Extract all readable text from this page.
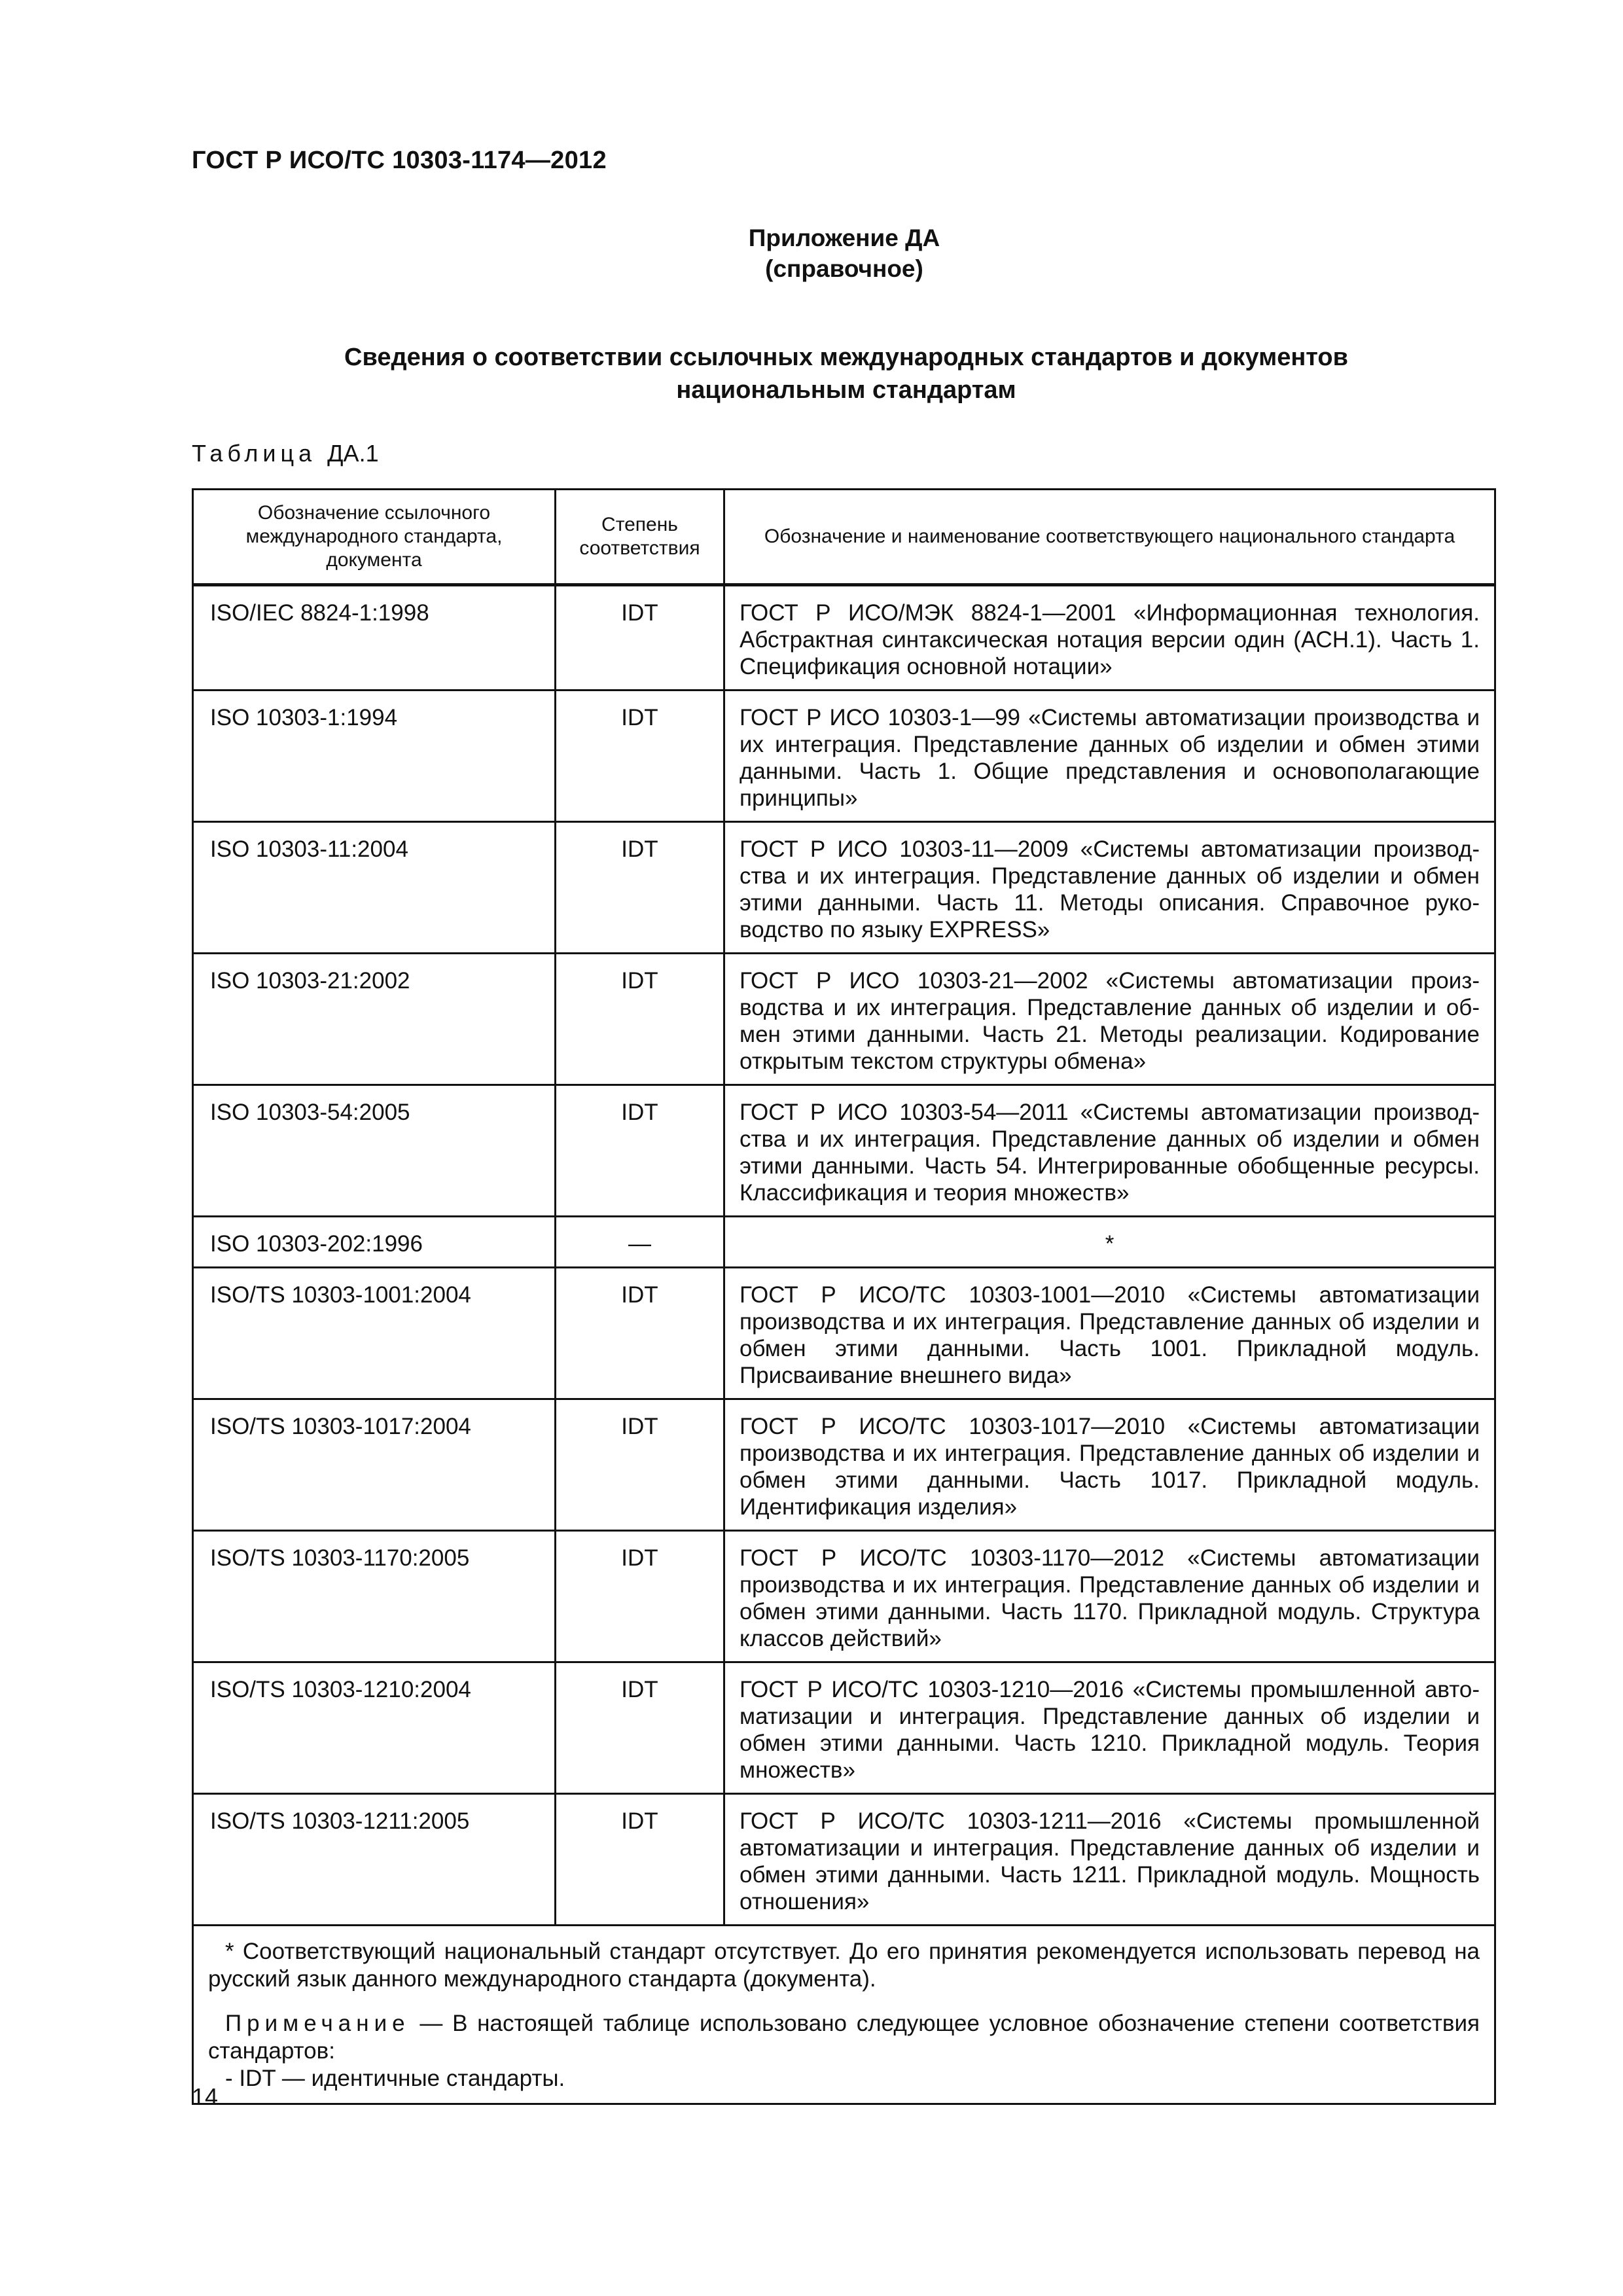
ГОСТ Р ИСО/ТС 10303-1174—2012
Приложение ДА
(справочное)
Сведения о соответствии ссылочных международных стандартов и документов
национальным стандартам
Таблица ДА.1
Обозначение ссылочного международного стандарта, документа	Степень соответствия	Обозначение и наименование соответствующего национального стандарта
ISO/IEC 8824-1:1998	IDT	ГОСТ Р ИСО/МЭК 8824-1—2001 «Информационная технология. Абстрактная синтаксическая нотация версии один (АСН.1). Часть 1. Спецификация основной нотации»
ISO 10303-1:1994	IDT	ГОСТ Р ИСО 10303-1—99 «Системы автоматизации производства и их интеграция. Представление данных об изделии и обмен этими данными. Часть 1. Общие представления и основополагающие принципы»
ISO 10303-11:2004	IDT	ГОСТ Р ИСО 10303-11—2009 «Системы автоматизации производства и их интеграция. Представление данных об изделии и обмен этими данными. Часть 11. Методы описания. Справочное руководство по языку EXPRESS»
ISO 10303-21:2002	IDT	ГОСТ Р ИСО 10303-21—2002 «Системы автоматизации производства и их интеграция. Представление данных об изделии и обмен этими данными. Часть 21. Методы реализации. Кодирование открытым текстом структуры обмена»
ISO 10303-54:2005	IDT	ГОСТ Р ИСО 10303-54—2011 «Системы автоматизации производства и их интеграция. Представление данных об изделии и обмен этими данными. Часть 54. Интегрированные обобщенные ресурсы. Классификация и теория множеств»
ISO 10303-202:1996	—	*
ISO/TS 10303-1001:2004	IDT	ГОСТ Р ИСО/ТС 10303-1001—2010 «Системы автоматизации производства и их интеграция. Представление данных об изделии и обмен этими данными. Часть 1001. Прикладной модуль. Присваивание внешнего вида»
ISO/TS 10303-1017:2004	IDT	ГОСТ Р ИСО/ТС 10303-1017—2010 «Системы автоматизации производства и их интеграция. Представление данных об изделии и обмен этими данными. Часть 1017. Прикладной модуль. Идентификация изделия»
ISO/TS 10303-1170:2005	IDT	ГОСТ Р ИСО/ТС 10303-1170—2012 «Системы автоматизации производства и их интеграция. Представление данных об изделии и обмен этими данными. Часть 1170. Прикладной модуль. Структура классов действий»
ISO/TS 10303-1210:2004	IDT	ГОСТ Р ИСО/ТС 10303-1210—2016 «Системы промышленной автоматизации и интеграция. Представление данных об изделии и обмен этими данными. Часть 1210. Прикладной модуль. Теория множеств»
ISO/TS 10303-1211:2005	IDT	ГОСТ Р ИСО/ТС 10303-1211—2016 «Системы промышленной автоматизации и интеграция. Представление данных об изделии и обмен этими данными. Часть 1211. Прикладной модуль. Мощность отношения»

* Соответствующий национальный стандарт отсутствует. До его принятия рекомендуется использовать перевод на русский язык данного международного стандарта (документа).

Примечание — В настоящей таблице использовано следующее условное обозначение степени соответствия стандартов:

- IDT — идентичные стандарты.		

14
